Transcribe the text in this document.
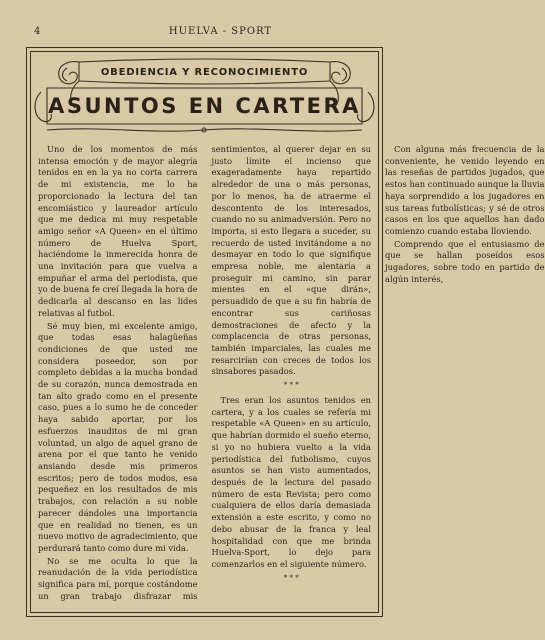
4	HUELVA - SPORT
OBEDIENCIA Y RECONOCIMIENTO
ASUNTOS EN CARTERA

Uno de los momentos de más intensa emoción y de mayor alegría tenidos en en la ya no corta carrera de mi existencia, me lo ha proporcionado la lectura del tan encomiástico y laureador artículo que me dedica mi muy respetable amigo señor «A Queen» en el último número de Huelva Sport, haciéndome la inmerecida honra de una invitación para que vuelva a empuñar el arma del periodista, que yo de buena fe creí llegada la hora de dedicarla al descanso en las lides relativas al futbol.

Sé muy bien, mi excelente amigo, que todas esas halagüeñas condiciones de que usted me considera poseedor, son por completo debidas a la mucha bondad de su corazón, nunca demostrada en tan alto grado como en el presente caso, pues a lo sumo he de conceder haya sabido aportar, por los esfuerzos inauditos de mi gran voluntad, un algo de aquel grano de arena por el que tanto he venido ansiando desde mis primeros escritos; pero de todos modos, esa pequeñez en los resultados de mis trabajos, con relación a su noble parecer dándoles una importancia que en realidad no tienen, es un nuevo motivo de agradecimiento, que perdurará tanto como dure mi vida.

No se me oculta lo que la reanudación de la vida periodística significa para mí, porque costándome un gran trabajo disfrazar mis sentimientos, al querer dejar en su justo límite el incienso que exageradamente haya repartido alrededor de una o más personas, por lo menos, ha de atraerme el descontento de los interesados, cuando no su animadversión. Pero no importa, si esto llegara a suceder, su recuerdo de usted invitándome a no desmayar en todo lo que signifique empresa noble, me alentaría a proseguir mi camino, sin parar mientes en el «que dirán», persuadido de que a su fin habría de encontrar sus cariñosas demostraciones de afecto y la complacencia de otras personas, también imparciales, las cuales me resarcirían con creces de todos los sinsabores pasados.

* * *

Tres eran los asuntos tenidos en cartera, y a los cuales se refería mi respetable «A Queen» en su artículo, que habrían dormido el sueño eterno, si yo no hubiera vuelto a la vida periodística del futbolismo, cuyos asuntos se han visto aumentados, después de la lectura del pasado número de esta Revista; pero como cualquiera de ellos daría demasiada extensión a este escrito, y como no debo abusar de la franca y leal hospitalidad con que me brinda Huelva-Sport, lo dejo para comenzarlos en el siguiente número.

* * *

Con alguna más frecuencia de la conveniente, he venido leyendo en las reseñas de partidos jugados, que estos han continuado aunque la lluvia haya sorprendido a los jugadores en sus tareas futbolísticas; y sé de otros casos en los que aquellos han dado comienzo cuando estaba lloviendo.

Comprendo que el entusiasmo de que se hallan poseídos esos jugadores, sobre todo en partido de algún interés,
